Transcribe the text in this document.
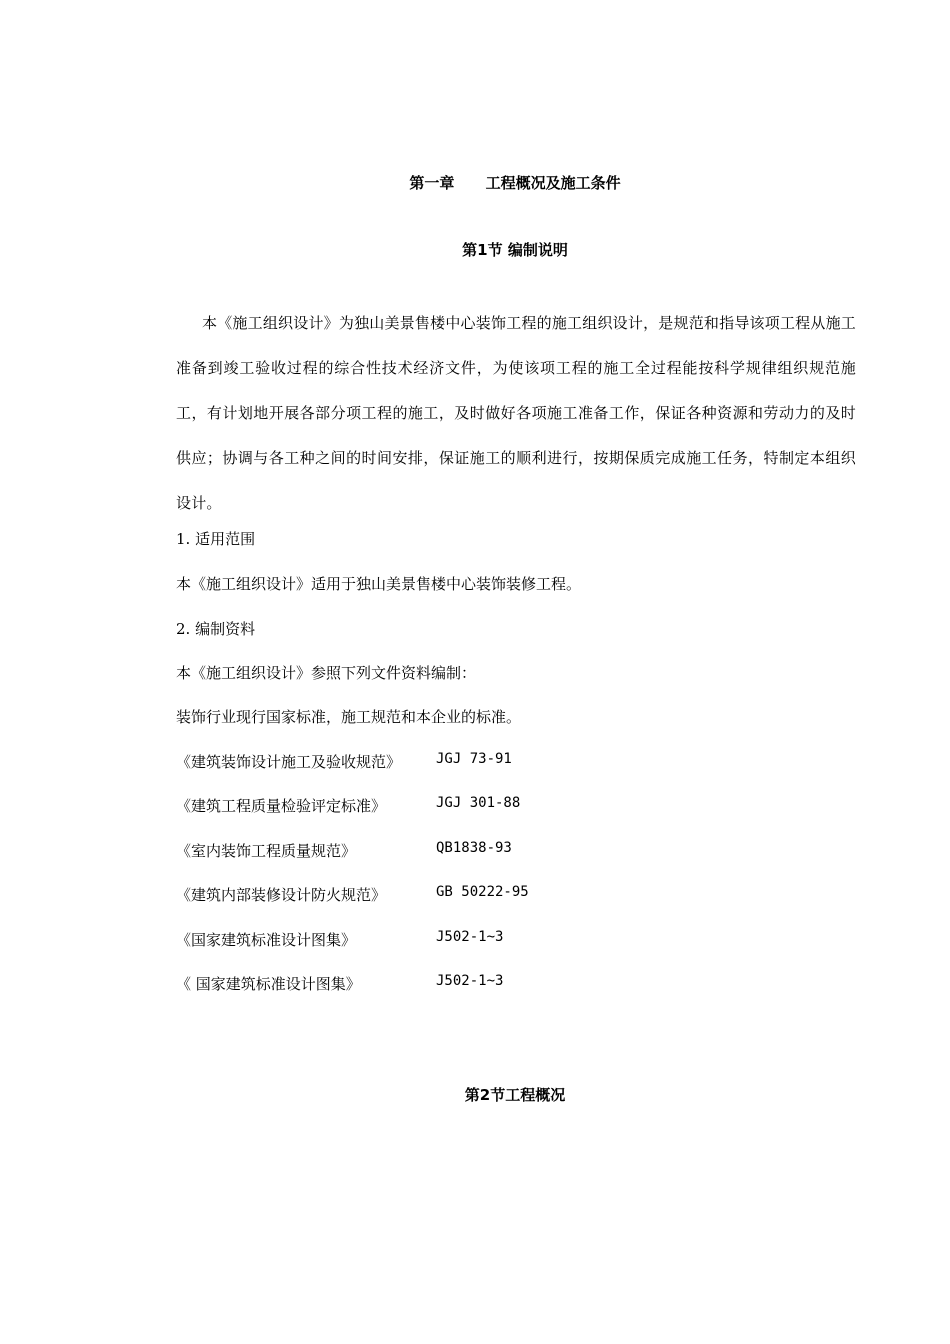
第一章      工程概况及施工条件
第1节 编制说明
本《施工组织设计》为独山美景售楼中心装饰工程的施工组织设计，是规范和指导该项工程从施工准备到竣工验收过程的综合性技术经济文件，为使该项工程的施工全过程能按科学规律组织规范施工，有计划地开展各部分项工程的施工，及时做好各项施工准备工作，保证各种资源和劳动力的及时供应；协调与各工种之间的时间安排，保证施工的顺利进行，按期保质完成施工任务，特制定本组织设计。
1. 适用范围
本《施工组织设计》适用于独山美景售楼中心装饰装修工程。
2. 编制资料
本《施工组织设计》参照下列文件资料编制：
装饰行业现行国家标准，施工规范和本企业的标准。
《建筑装饰设计施工及验收规范》 JGJ 73-91
《建筑工程质量检验评定标准》	JGJ 301-88
《室内装饰工程质量规范》	QB1838-93
《建筑内部装修设计防火规范》	GB 50222-95
《国家建筑标准设计图集》	J502-1~3
《 国家建筑标准设计图集》	J502-1~3
第2节工程概况
